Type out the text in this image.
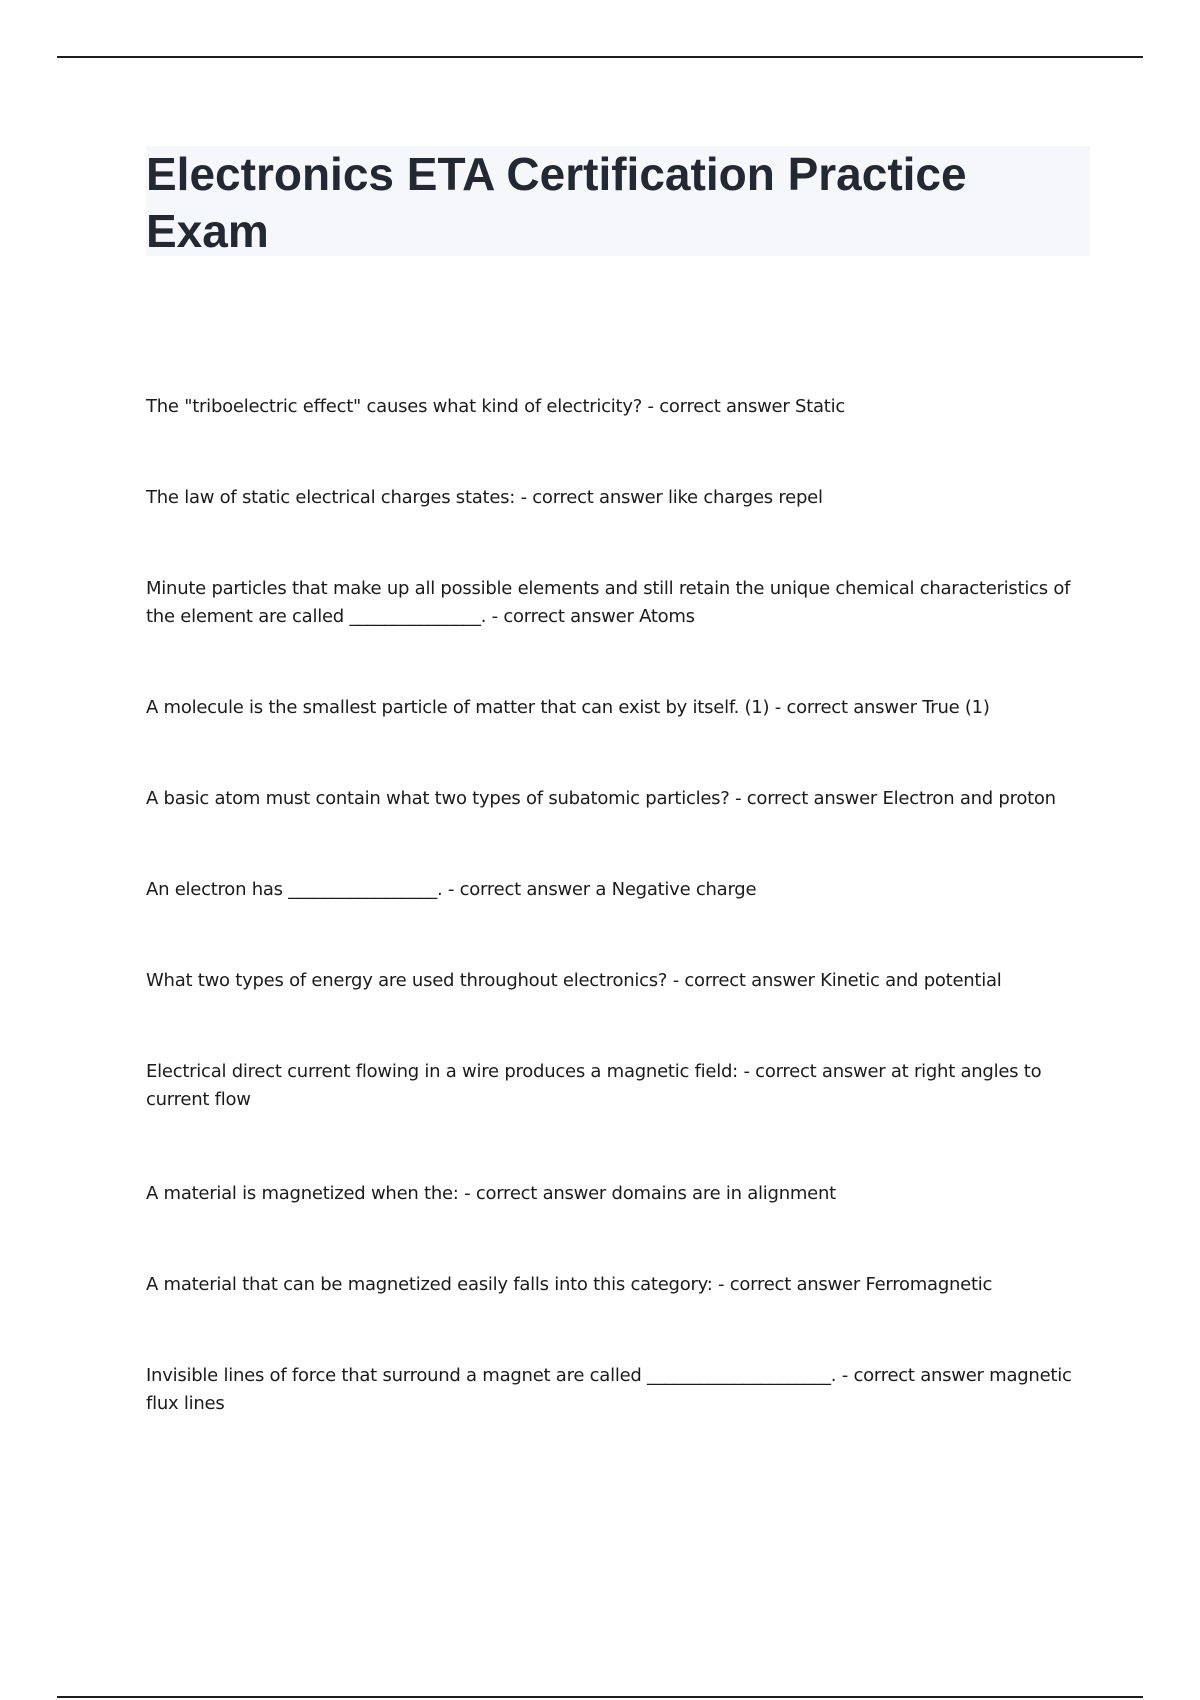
Electronics ETA Certification Practice Exam

The "triboelectric effect" causes what kind of electricity? - correct answer Static

The law of static electrical charges states: - correct answer like charges repel

Minute particles that make up all possible elements and still retain the unique chemical characteristics of the element are called _______________. - correct answer Atoms

A molecule is the smallest particle of matter that can exist by itself. (1) - correct answer True (1)

A basic atom must contain what two types of subatomic particles? - correct answer Electron and proton

An electron has _________________. - correct answer a Negative charge

What two types of energy are used throughout electronics? - correct answer Kinetic and potential

Electrical direct current flowing in a wire produces a magnetic field: - correct answer at right angles to current flow

A material is magnetized when the: - correct answer domains are in alignment

A material that can be magnetized easily falls into this category: - correct answer Ferromagnetic

Invisible lines of force that surround a magnet are called _____________________. - correct answer magnetic flux lines
